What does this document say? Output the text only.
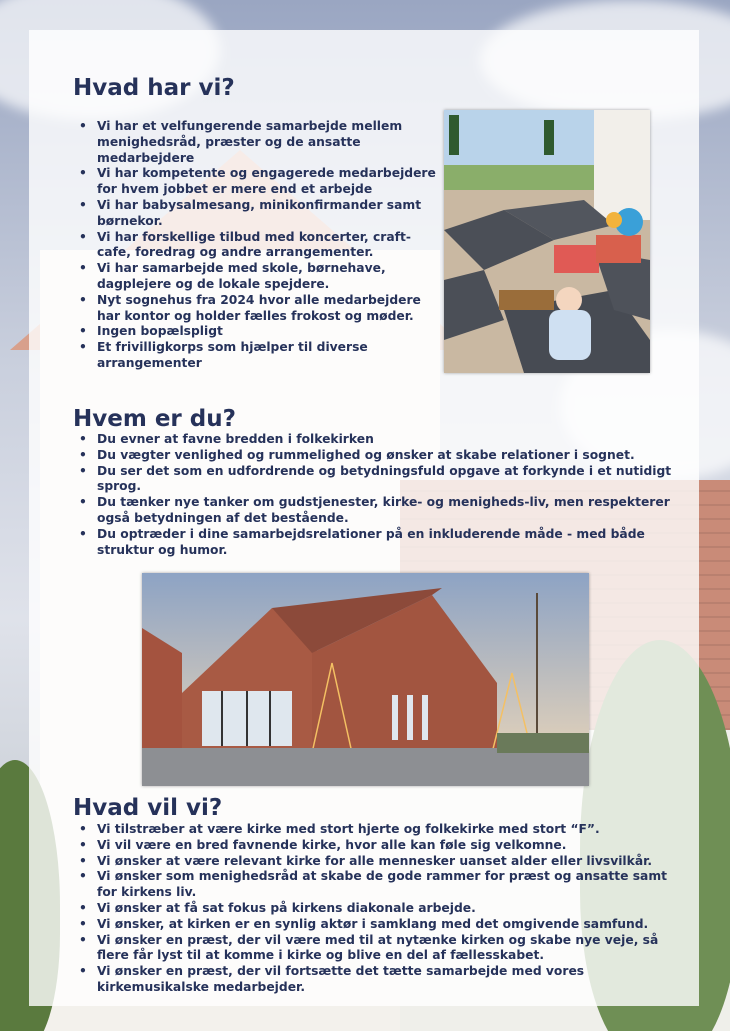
Hvad har vi?
• Vi har et velfungerende samarbejde mellem menighedsråd, præster og de ansatte medarbejdere
• Vi har kompetente og engagerede medarbejdere for hvem jobbet er mere end et arbejde
• Vi har babysalmesang, minikonfirmander samt børnekor.
• Vi har forskellige tilbud med koncerter, craft-cafe, foredrag og andre arrangementer.
• Vi har samarbejde med skole, børnehave, dagplejere og de lokale spejdere.
• Nyt sognehus fra 2024 hvor alle medarbejdere har kontor og holder fælles frokost og møder.
• Ingen bopælspligt
• Et frivilligkorps som hjælper til diverse arrangementer
Hvem er du?
• Du evner at favne bredden i folkekirken
• Du vægter venlighed og rummelighed og ønsker at skabe relationer i sognet.
• Du ser det som en udfordrende og betydningsfuld opgave at forkynde i et nutidigt sprog.
• Du tænker nye tanker om gudstjenester, kirke- og menigheds-liv, men respekterer også betydningen af det bestående.
• Du optræder i dine samarbejdsrelationer på en inkluderende måde - med både struktur og humor.
Hvad vil vi?
• Vi tilstræber at være kirke med stort hjerte og folkekirke med stort “F”.
• Vi vil være en bred favnende kirke, hvor alle kan føle sig velkomne.
• Vi ønsker at være relevant kirke for alle mennesker uanset alder eller livsvilkår.
• Vi ønsker som menighedsråd at skabe de gode rammer for præst og ansatte samt for kirkens liv.
• Vi ønsker at få sat fokus på kirkens diakonale arbejde.
• Vi ønsker, at kirken er en synlig aktør i samklang med det omgivende samfund.
• Vi ønsker en præst, der vil være med til at nytænke kirken og skabe nye veje, så flere får lyst til at komme i kirke og blive en del af fællesskabet.
• Vi ønsker en præst, der vil fortsætte det tætte samarbejde med vores kirkemusikalske medarbejder.
